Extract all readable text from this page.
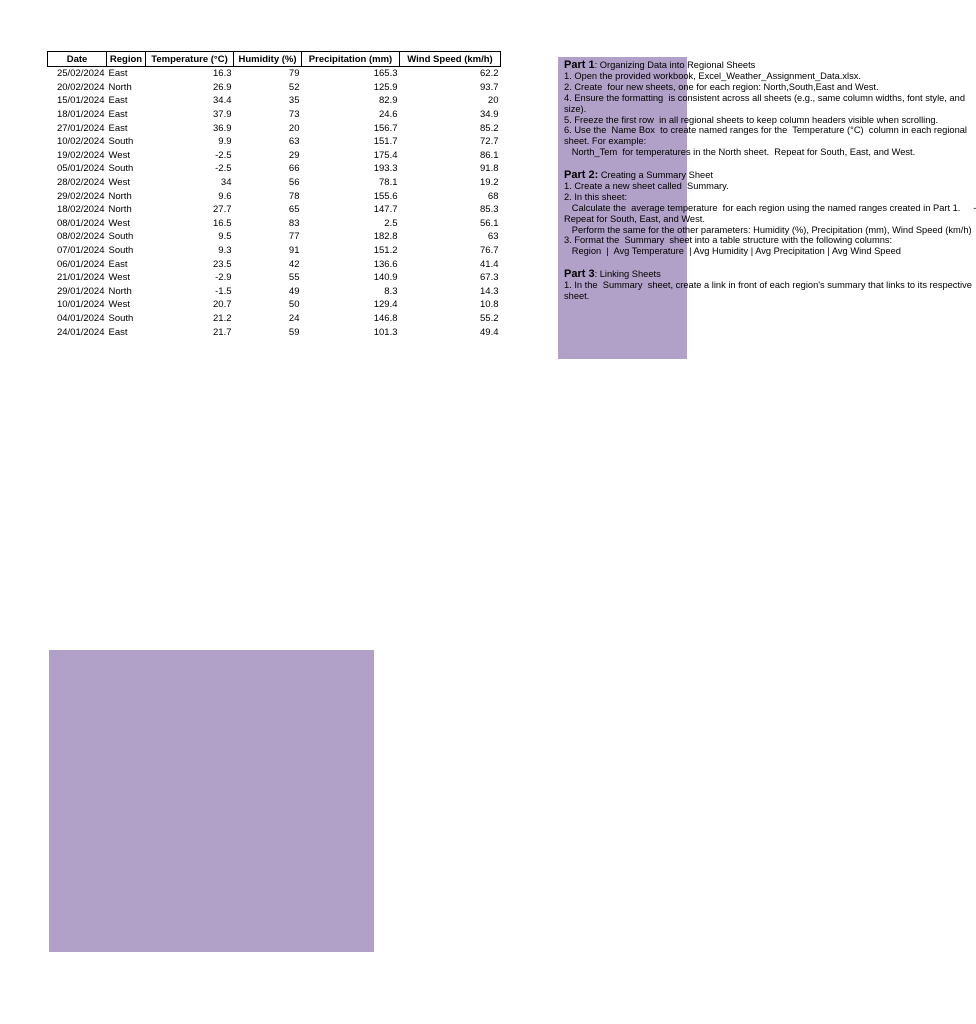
Date	Region	Temperature (°C)	Humidity (%)	Precipitation (mm)	Wind Speed (km/h)
25/02/2024	East	16.3	79	165.3	62.2
20/02/2024	North	26.9	52	125.9	93.7
15/01/2024	East	34.4	35	82.9	20
18/01/2024	East	37.9	73	24.6	34.9
27/01/2024	East	36.9	20	156.7	85.2
10/02/2024	South	9.9	63	151.7	72.7
19/02/2024	West	-2.5	29	175.4	86.1
05/01/2024	South	-2.5	66	193.3	91.8
28/02/2024	West	34	56	78.1	19.2
29/02/2024	North	9.6	78	155.6	68
18/02/2024	North	27.7	65	147.7	85.3
08/01/2024	West	16.5	83	2.5	56.1
08/02/2024	South	9.5	77	182.8	63
07/01/2024	South	9.3	91	151.2	76.7
06/01/2024	East	23.5	42	136.6	41.4
21/01/2024	West	-2.9	55	140.9	67.3
29/01/2024	North	-1.5	49	8.3	14.3
10/01/2024	West	20.7	50	129.4	10.8
04/01/2024	South	21.2	24	146.8	55.2
24/01/2024	East	21.7	59	101.3	49.4
Part 1: Organizing Data into Regional Sheets
1. Open the provided workbook, Excel_Weather_Assignment_Data.xlsx.
2. Create  four new sheets, one for each region: North,South,East and West.
4. Ensure the formatting  is consistent across all sheets (e.g., same column widths, font style, and
size).
5. Freeze the first row  in all regional sheets to keep column headers visible when scrolling.
6. Use the  Name Box  to create named ranges for the  Temperature (°C)  column in each regional
sheet. For example:
North_Tem  for temperatures in the North sheet.  Repeat for South, East, and West.
Part 2: Creating a Summary Sheet
1. Create a new sheet called  Summary.
2. In this sheet:
Calculate the  average temperature  for each region using the named ranges created in Part 1.     -
Repeat for South, East, and West.
Perform the same for the other parameters: Humidity (%), Precipitation (mm), Wind Speed (km/h)
3. Format the  Summary  sheet into a table structure with the following columns:
Region  |  Avg Temperature  | Avg Humidity | Avg Precipitation | Avg Wind Speed
Part 3: Linking Sheets
1. In the  Summary  sheet, create a link in front of each region's summary that links to its respective
sheet.
